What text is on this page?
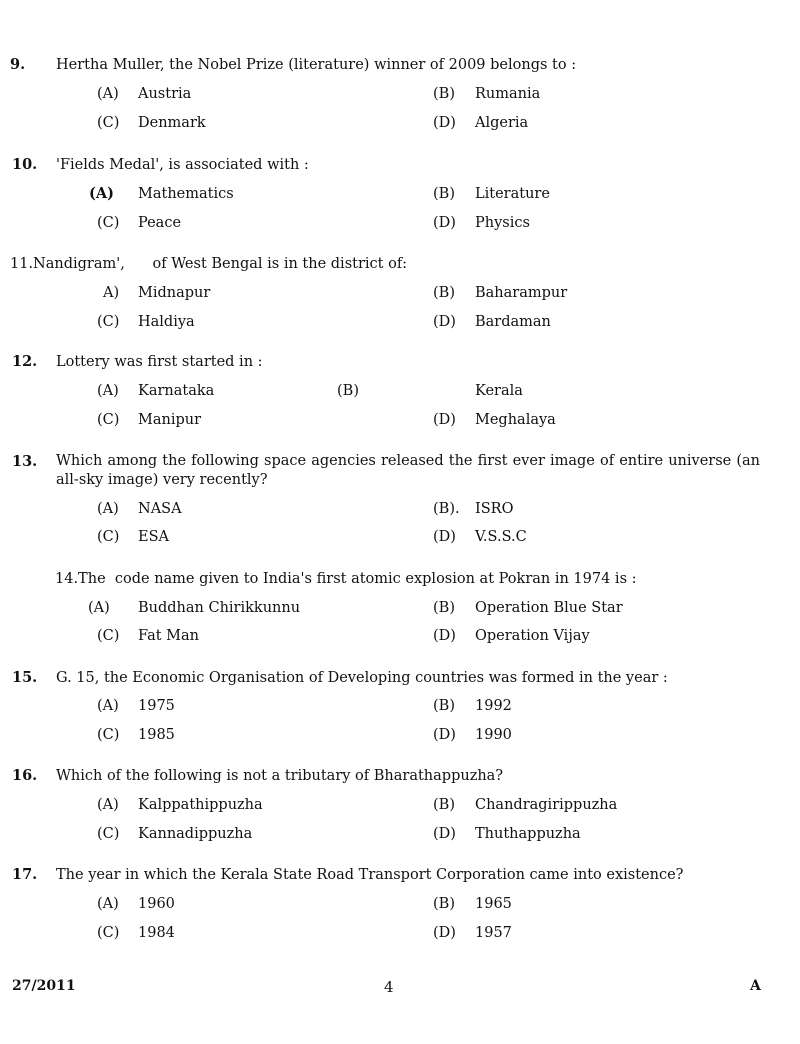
27/2011	4	A
9. Hertha Muller, the Nobel Prize (literature) winner of 2009 belongs to :
(A) Austria	(B) Rumania
(C) Denmark	(D) Algeria
10. 'Fields Medal', is associated with :
(A) Mathematics	(B) Literature
(C) Peace	(D) Physics
11.Nandigram',      of West Bengal is in the district of:
A) Midnapur	(B) Baharampur
(C) Haldiya	(D) Bardaman
12. Lottery was first started in :
(A) Karnataka	(B)	Kerala
(C) Manipur	(D) Meghalaya
13. Which among the following space agencies released the first ever image of entire universe (an all-sky image) very recently?
(A) NASA	(B). ISRO
(C) ESA	(D) V.S.S.C
14.The  code name given to India's first atomic explosion at Pokran in 1974 is :
(A) Buddhan Chirikkunnu	(B) Operation Blue Star
(C) Fat Man	(D) Operation Vijay
15. G. 15, the Economic Organisation of Developing countries was formed in the year :
(A) 1975	(B) 1992
(C) 1985	(D) 1990
16. Which of the following is not a tributary of Bharathappuzha?
(A) Kalppathippuzha	(B) Chandragirippuzha
(C) Kannadippuzha	(D) Thuthappuzha
17. The year in which the Kerala State Road Transport Corporation came into existence?
(A) 1960	(B) 1965
(C) 1984	(D) 1957
